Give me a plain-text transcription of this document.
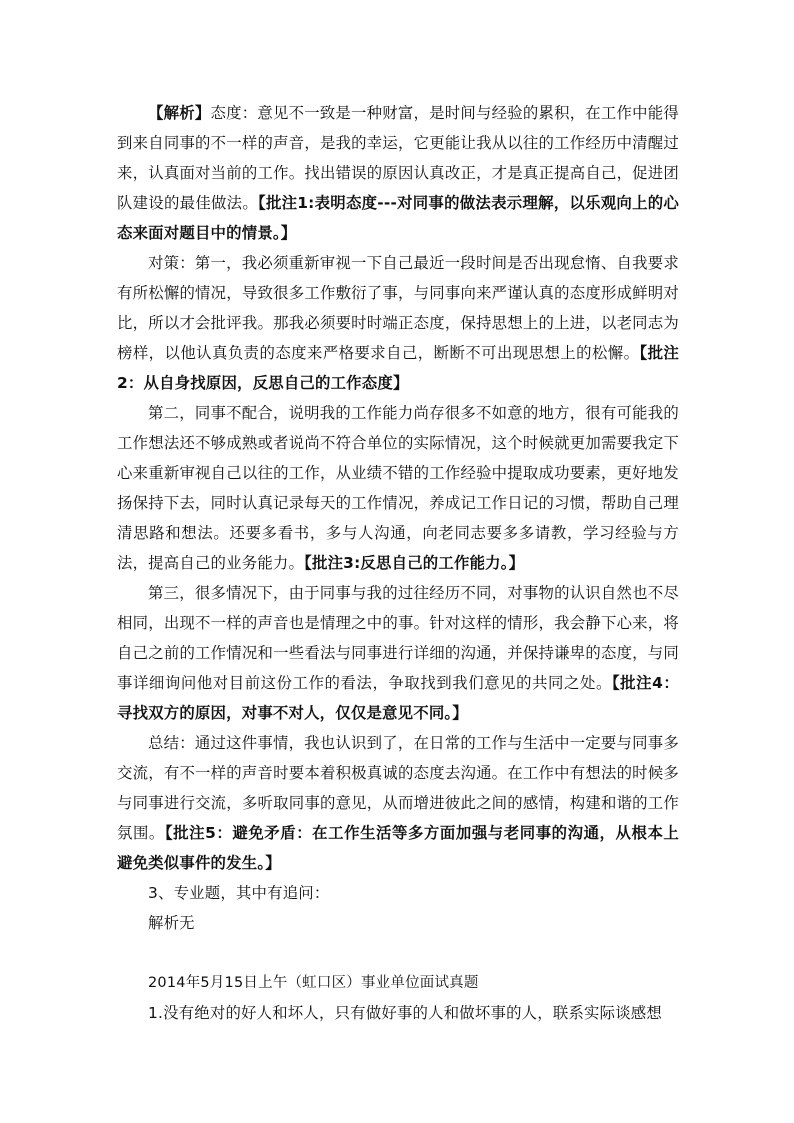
【解析】态度：意见不一致是一种财富，是时间与经验的累积，在工作中能得到来自同事的不一样的声音，是我的幸运，它更能让我从以往的工作经历中清醒过来，认真面对当前的工作。找出错误的原因认真改正，才是真正提高自己，促进团队建设的最佳做法。【批注1:表明态度---对同事的做法表示理解，以乐观向上的心态来面对题目中的情景。】

对策：第一，我必须重新审视一下自己最近一段时间是否出现怠惰、自我要求有所松懈的情况，导致很多工作敷衍了事，与同事向来严谨认真的态度形成鲜明对比，所以才会批评我。那我必须要时时端正态度，保持思想上的上进，以老同志为榜样，以他认真负责的态度来严格要求自己，断断不可出现思想上的松懈。【批注2：从自身找原因，反思自己的工作态度】

第二，同事不配合，说明我的工作能力尚存很多不如意的地方，很有可能我的工作想法还不够成熟或者说尚不符合单位的实际情况，这个时候就更加需要我定下心来重新审视自己以往的工作，从业绩不错的工作经验中提取成功要素，更好地发扬保持下去，同时认真记录每天的工作情况，养成记工作日记的习惯，帮助自己理清思路和想法。还要多看书，多与人沟通，向老同志要多多请教，学习经验与方法，提高自己的业务能力。【批注3:反思自己的工作能力。】

第三，很多情况下，由于同事与我的过往经历不同，对事物的认识自然也不尽相同，出现不一样的声音也是情理之中的事。针对这样的情形，我会静下心来，将自己之前的工作情况和一些看法与同事进行详细的沟通，并保持谦卑的态度，与同事详细询问他对目前这份工作的看法，争取找到我们意见的共同之处。【批注4：寻找双方的原因，对事不对人，仅仅是意见不同。】

总结：通过这件事情，我也认识到了，在日常的工作与生活中一定要与同事多交流，有不一样的声音时要本着积极真诚的态度去沟通。在工作中有想法的时候多与同事进行交流，多听取同事的意见，从而增进彼此之间的感情，构建和谐的工作氛围。【批注5：避免矛盾：在工作生活等多方面加强与老同事的沟通，从根本上避免类似事件的发生。】

3、专业题，其中有追问：

解析无

2014年5月15日上午（虹口区）事业单位面试真题

1.没有绝对的好人和坏人，只有做好事的人和做坏事的人，联系实际谈感想
